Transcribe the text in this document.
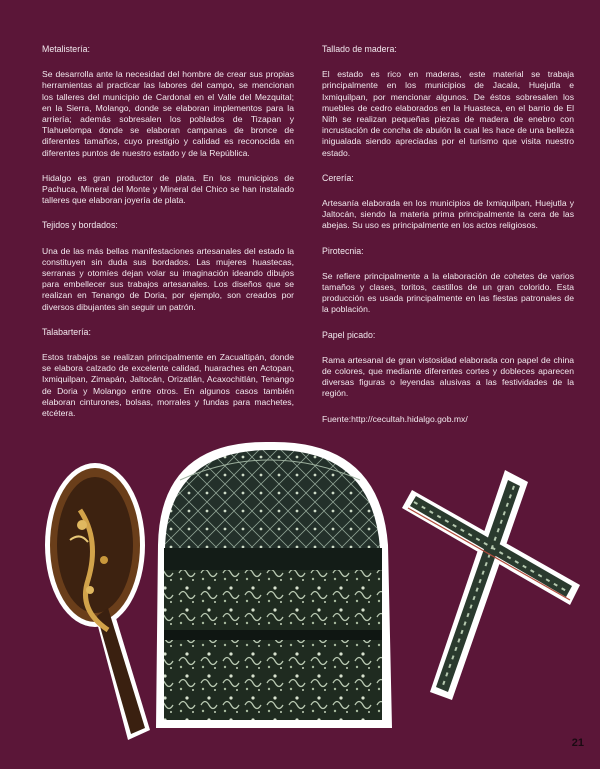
Metalistería:

Se desarrolla ante la necesidad del hombre de crear sus propias herramientas al practicar las labores del campo, se mencionan los talleres del municipio de Cardonal en el Valle del Mezquital; en la Sierra, Molango, donde se elaboran implementos para la arriería; además sobresalen los poblados de Tizapan y Tlahuelompa donde se elaboran campanas de bronce de diferentes tamaños, cuyo prestigio y calidad es reconocida en diferentes puntos de nuestro estado y de la República.

Hidalgo es gran productor de plata. En los municipios de Pachuca, Mineral del Monte y Mineral del Chico se han instalado talleres que elaboran joyería de plata.

Tejidos y bordados:

Una de las más bellas manifestaciones artesanales del estado la constituyen sin duda sus bordados. Las mujeres huastecas, serranas y otomíes dejan volar su imaginación ideando dibujos para embellecer sus trabajos artesanales. Los diseños que se realizan en Tenango de Doria, por ejemplo, son creados por diversos dibujantes sin seguir un patrón.

Talabartería:

Estos trabajos se realizan principalmente en Zacualtipán, donde se elabora calzado de excelente calidad, huaraches en Actopan, Ixmiquilpan, Zimapán, Jaltocán, Orizatlán, Acaxochitlán, Tenango de Doria y Molango entre otros. En algunos casos también elaboran cinturones, bolsas, morrales y fundas para machetes, etcétera.

Tallado de madera:

El estado es rico en maderas, este material se trabaja principalmente en los municipios de Jacala, Huejutla e Ixmiquilpan, por mencionar algunos. De éstos sobresalen los muebles de cedro elaborados en la Huasteca, en el barrio de El Nith se realizan pequeñas piezas de madera de enebro con incrustación de concha de abulón la cual les hace de una belleza inigualada siendo apreciadas por el turismo que visita nuestro estado.

Cerería:

Artesanía elaborada en los municipios de Ixmiquilpan, Huejutla y Jaltocán, siendo la materia prima principalmente la cera de las abejas. Su uso es principalmente en los actos religiosos.

Pirotecnia:

Se refiere principalmente a la elaboración de cohetes de varios tamaños y clases, toritos, castillos de un gran colorido. Esta producción es usada principalmente en las fiestas patronales de la población.

Papel picado:

Rama artesanal de gran vistosidad elaborada con papel de china de colores, que mediante diferentes cortes y dobleces aparecen diversas figuras o leyendas alusivas a las festividades de la región.

Fuente:http://cecultah.hidalgo.gob.mx/

21
